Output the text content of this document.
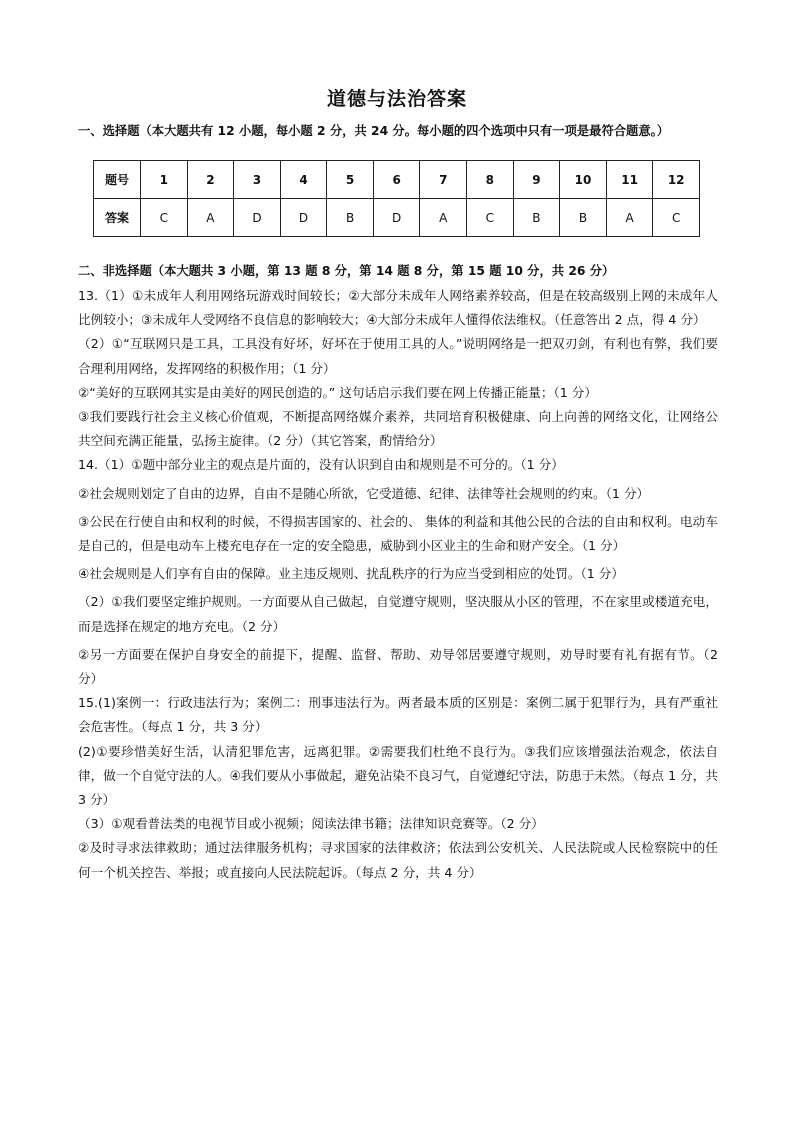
道德与法治答案
一、选择题（本大题共有 12 小题，每小题 2 分，共 24 分。每小题的四个选项中只有一项是最符合题意。）
题号	1	2	3	4	5	6	7	8	9	10	11	12
答案	C	A	D	D	B	D	A	C	B	B	A	C
二、非选择题（本大题共 3 小题，第 13 题 8 分，第 14 题 8 分，第 15 题 10 分，共 26 分）

13.（1）①未成年人利用网络玩游戏时间较长；②大部分未成年人网络素养较高，但是在较高级别上网的未成年人比例较小；③未成年人受网络不良信息的影响较大；④大部分未成年人懂得依法维权。（任意答出 2 点，得 4 分）

（2）①“互联网只是工具，工具没有好坏，好坏在于使用工具的人。”说明网络是一把双刃剑，有利也有弊，我们要合理利用网络，发挥网络的积极作用；（1 分）

②“美好的互联网其实是由美好的网民创造的。” 这句话启示我们要在网上传播正能量；（1 分）

③我们要践行社会主义核心价值观，不断提高网络媒介素养，共同培育积极健康、向上向善的网络文化，让网络公共空间充满正能量，弘扬主旋律。（2 分）（其它答案，酌情给分）

14.（1）①题中部分业主的观点是片面的，没有认识到自由和规则是不可分的。（1 分）

②社会规则划定了自由的边界，自由不是随心所欲，它受道德、纪律、法律等社会规则的约束。（1 分）

③公民在行使自由和权利的时候，不得损害国家的、社会的、 集体的利益和其他公民的合法的自由和权利。电动车是自己的，但是电动车上楼充电存在一定的安全隐患，威胁到小区业主的生命和财产安全。（1 分）

④社会规则是人们享有自由的保障。业主违反规则、扰乱秩序的行为应当受到相应的处罚。（1 分）

（2）①我们要坚定维护规则。一方面要从自己做起，自觉遵守规则，坚决服从小区的管理，不在家里或楼道充电，而是选择在规定的地方充电。（2 分）

②另一方面要在保护自身安全的前提下，提醒、监督、帮助、劝导邻居要遵守规则，劝导时要有礼有据有节。（2 分）

15.(1)案例一：行政违法行为；案例二：刑事违法行为。两者最本质的区别是：案例二属于犯罪行为，具有严重社会危害性。（每点 1 分，共 3 分）

(2)①要珍惜美好生活，认清犯罪危害，远离犯罪。②需要我们杜绝不良行为。③我们应该增强法治观念，依法自律，做一个自觉守法的人。④我们要从小事做起，避免沾染不良习气，自觉遵纪守法，防患于未然。（每点 1 分，共 3 分）

（3）①观看普法类的电视节目或小视频；阅读法律书籍；法律知识竞赛等。（2 分）

②及时寻求法律救助；通过法律服务机构；寻求国家的法律救济；依法到公安机关、人民法院或人民检察院中的任何一个机关控告、举报；或直接向人民法院起诉。（每点 2 分，共 4 分）
